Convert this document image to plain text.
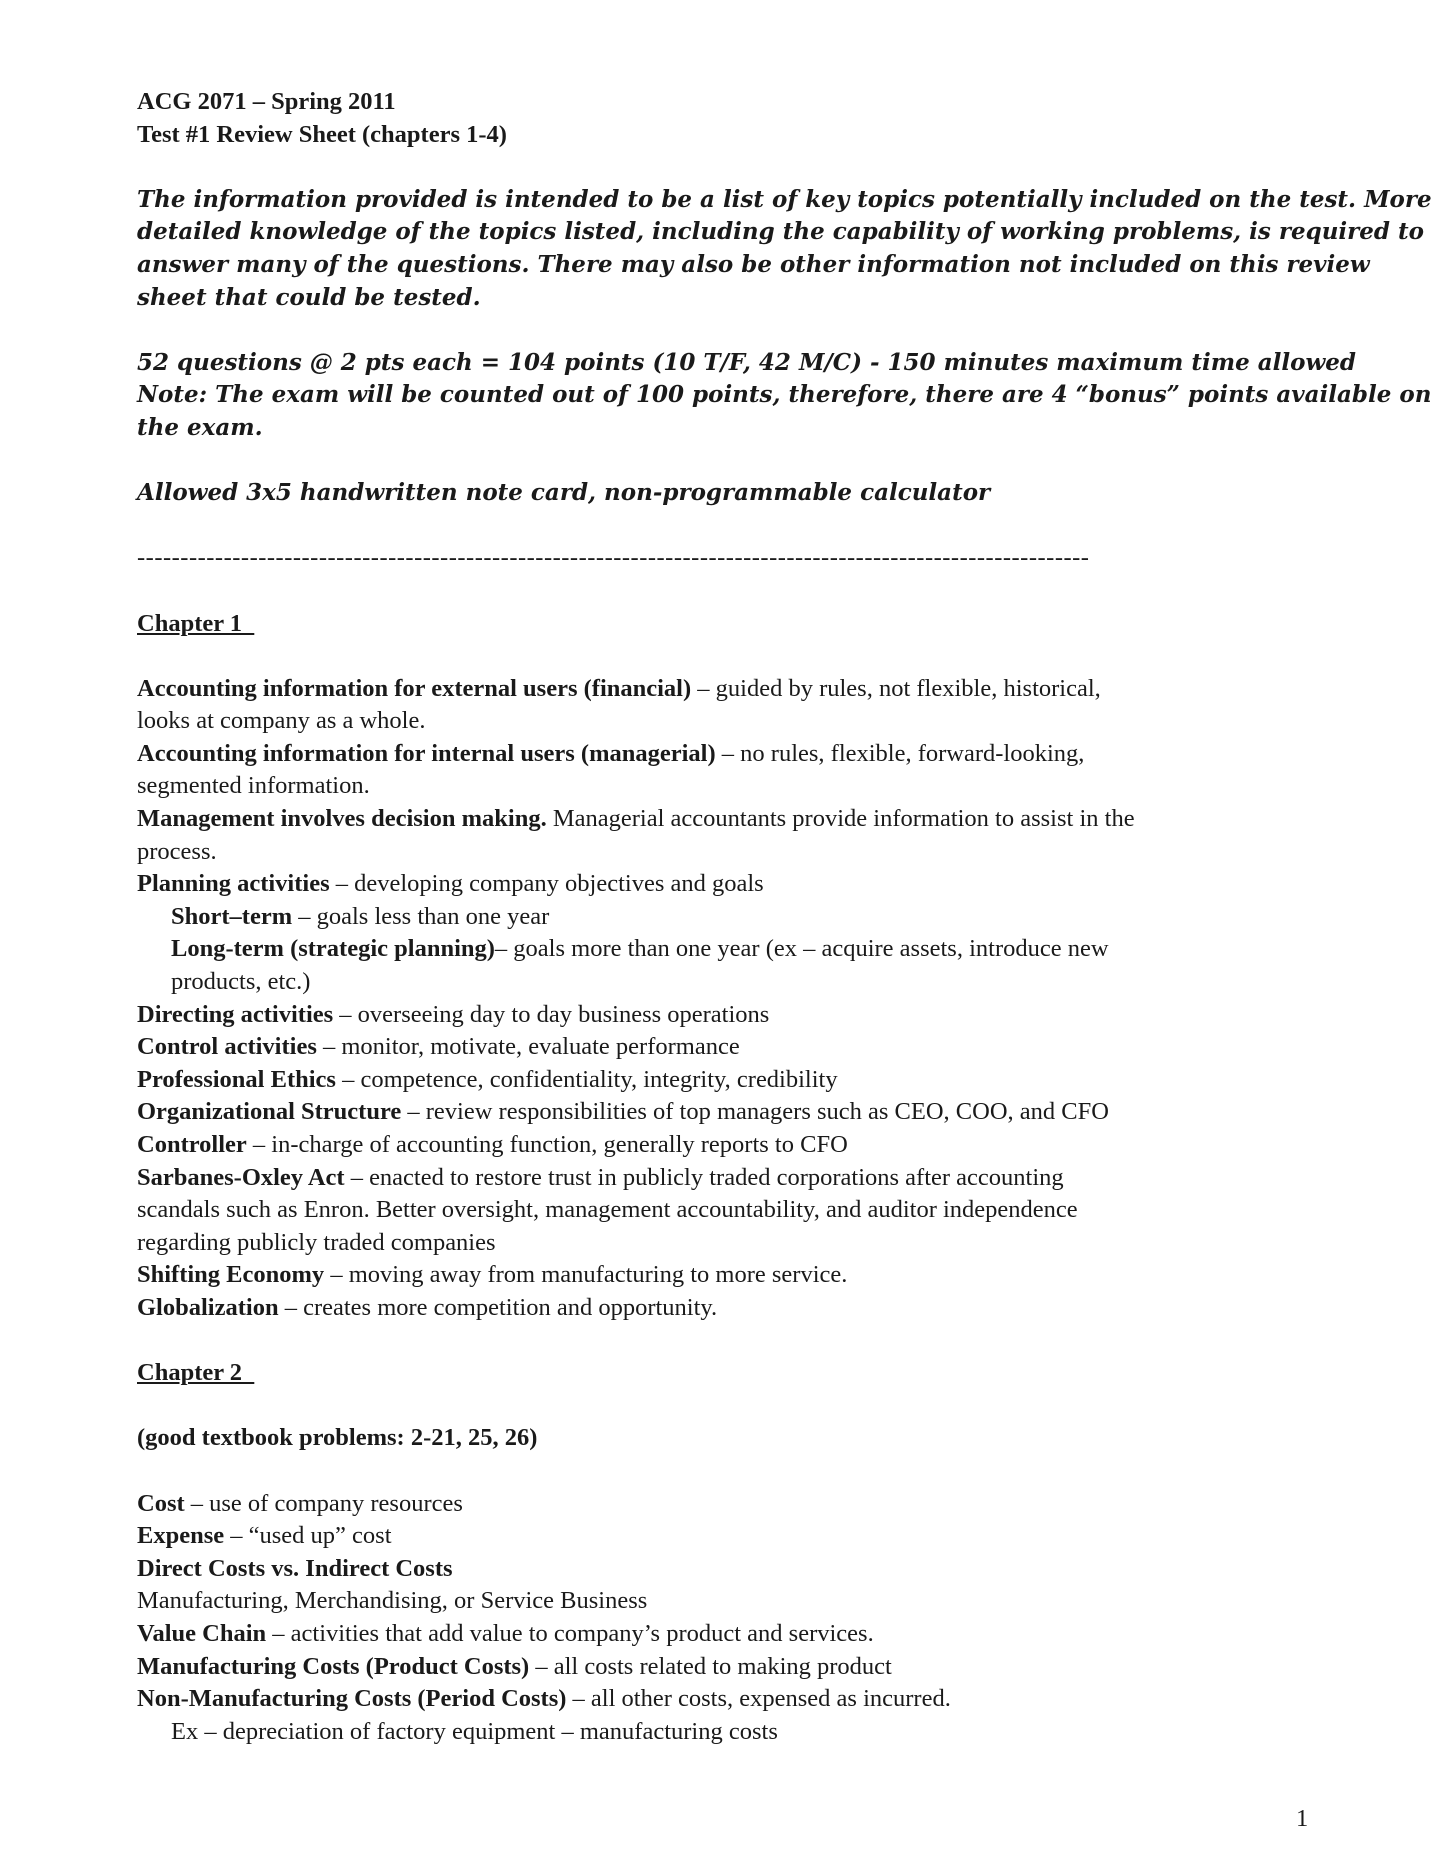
ACG 2071 – Spring 2011
Test #1 Review Sheet (chapters 1-4)
The information provided is intended to be a list of key topics potentially included on the test. More
detailed knowledge of the topics listed, including the capability of working problems, is required to
answer many of the questions. There may also be other information not included on this review
sheet that could be tested.
52 questions @ 2 pts each = 104 points (10 T/F, 42 M/C) - 150 minutes maximum time allowed
Note: The exam will be counted out of 100 points, therefore, there are 4 “bonus” points available on
the exam.
Allowed 3x5 handwritten note card, non-programmable calculator
--------------------------------------------------------------------------------------------------------------
Chapter 1
Accounting information for external users (financial) – guided by rules, not flexible, historical,
looks at company as a whole.
Accounting information for internal users (managerial) – no rules, flexible, forward-looking,
segmented information.
Management involves decision making. Managerial accountants provide information to assist in the
process.
Planning activities – developing company objectives and goals
Short–term – goals less than one year
Long-term (strategic planning)– goals more than one year (ex – acquire assets, introduce new
products, etc.)
Directing activities – overseeing day to day business operations
Control activities – monitor, motivate, evaluate performance
Professional Ethics – competence, confidentiality, integrity, credibility
Organizational Structure – review responsibilities of top managers such as CEO, COO, and CFO
Controller – in-charge of accounting function, generally reports to CFO
Sarbanes-Oxley Act – enacted to restore trust in publicly traded corporations after accounting
scandals such as Enron. Better oversight, management accountability, and auditor independence
regarding publicly traded companies
Shifting Economy – moving away from manufacturing to more service.
Globalization – creates more competition and opportunity.
Chapter 2
(good textbook problems: 2-21, 25, 26)
Cost – use of company resources
Expense – “used up” cost
Direct Costs vs. Indirect Costs
Manufacturing, Merchandising, or Service Business
Value Chain – activities that add value to company’s product and services.
Manufacturing Costs (Product Costs) – all costs related to making product
Non-Manufacturing Costs (Period Costs) – all other costs, expensed as incurred.
Ex – depreciation of factory equipment – manufacturing costs
1
